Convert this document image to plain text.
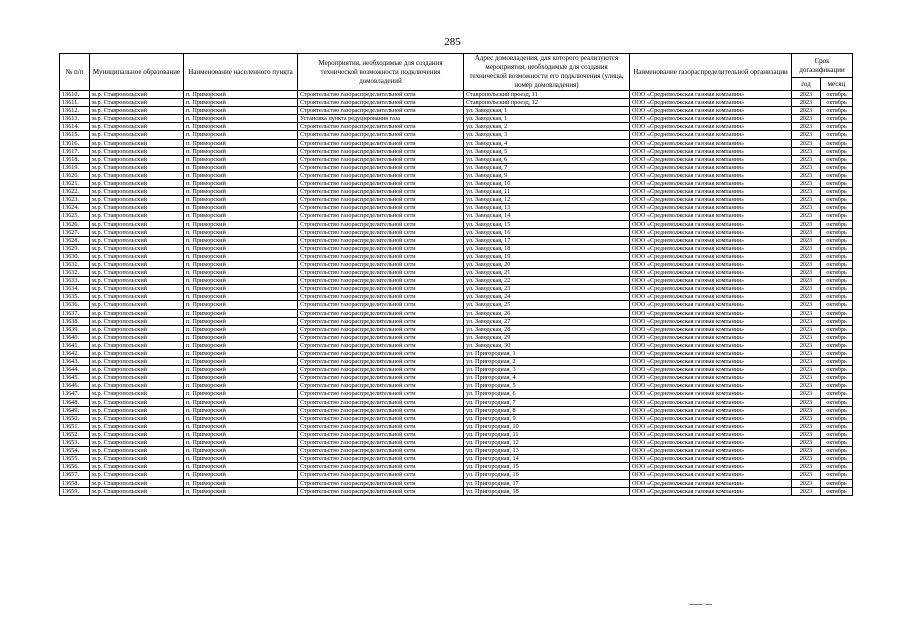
285
№ п/п	Муниципальное образование	Наименование населенного пункта	Мероприятия, необходимые для создания технической возможности подключения домовладений	Адрес домовладения, для которого реализуются мероприятия, необходимые для создания технической возможности его подключения (улица, номер домовладения)	Наименование газораспределительной организации	Срок догазификации	
						год	месяц
13610.	м.р. Ставропольский	п. Приморский	Строительство газораспределительной сети	Ставропольский проезд, 11	ООО «Средневолжская газовая компания»	2023	октябрь
13611.	м.р. Ставропольский	п. Приморский	Строительство газораспределительной сети	Ставропольский проезд, 12	ООО «Средневолжская газовая компания»	2023	октябрь
13612.	м.р. Ставропольский	п. Приморский	Строительство газораспределительной сети	ул. Заводская, 1	ООО «Средневолжская газовая компания»	2023	октябрь
13613.	м.р. Ставропольский	п. Приморский	Установка пункта редуцирования газа	ул. Заводская, 1	ООО «Средневолжская газовая компания»	2023	октябрь
13614.	м.р. Ставропольский	п. Приморский	Строительство газораспределительной сети	ул. Заводская, 2	ООО «Средневолжская газовая компания»	2023	октябрь
13615.	м.р. Ставропольский	п. Приморский	Строительство газораспределительной сети	ул. Заводская, 3	ООО «Средневолжская газовая компания»	2023	октябрь
13616.	м.р. Ставропольский	п. Приморский	Строительство газораспределительной сети	ул. Заводская, 4	ООО «Средневолжская газовая компания»	2023	октябрь
13617.	м.р. Ставропольский	п. Приморский	Строительство газораспределительной сети	ул. Заводская, 5	ООО «Средневолжская газовая компания»	2023	октябрь
13618.	м.р. Ставропольский	п. Приморский	Строительство газораспределительной сети	ул. Заводская, 6	ООО «Средневолжская газовая компания»	2023	октябрь
13619.	м.р. Ставропольский	п. Приморский	Строительство газораспределительной сети	ул. Заводская, 7	ООО «Средневолжская газовая компания»	2023	октябрь
13620.	м.р. Ставропольский	п. Приморский	Строительство газораспределительной сети	ул. Заводская, 9	ООО «Средневолжская газовая компания»	2023	октябрь
13621.	м.р. Ставропольский	п. Приморский	Строительство газораспределительной сети	ул. Заводская, 10	ООО «Средневолжская газовая компания»	2023	октябрь
13622.	м.р. Ставропольский	п. Приморский	Строительство газораспределительной сети	ул. Заводская, 11	ООО «Средневолжская газовая компания»	2023	октябрь
13623.	м.р. Ставропольский	п. Приморский	Строительство газораспределительной сети	ул. Заводская, 12	ООО «Средневолжская газовая компания»	2023	октябрь
13624.	м.р. Ставропольский	п. Приморский	Строительство газораспределительной сети	ул. Заводская, 13	ООО «Средневолжская газовая компания»	2023	октябрь
13625.	м.р. Ставропольский	п. Приморский	Строительство газораспределительной сети	ул. Заводская, 14	ООО «Средневолжская газовая компания»	2023	октябрь
13626.	м.р. Ставропольский	п. Приморский	Строительство газораспределительной сети	ул. Заводская, 15	ООО «Средневолжская газовая компания»	2023	октябрь
13627.	м.р. Ставропольский	п. Приморский	Строительство газораспределительной сети	ул. Заводская, 16	ООО «Средневолжская газовая компания»	2023	октябрь
13628.	м.р. Ставропольский	п. Приморский	Строительство газораспределительной сети	ул. Заводская, 17	ООО «Средневолжская газовая компания»	2023	октябрь
13629.	м.р. Ставропольский	п. Приморский	Строительство газораспределительной сети	ул. Заводская, 18	ООО «Средневолжская газовая компания»	2023	октябрь
13630.	м.р. Ставропольский	п. Приморский	Строительство газораспределительной сети	ул. Заводская, 19	ООО «Средневолжская газовая компания»	2023	октябрь
13631.	м.р. Ставропольский	п. Приморский	Строительство газораспределительной сети	ул. Заводская, 20	ООО «Средневолжская газовая компания»	2023	октябрь
13632.	м.р. Ставропольский	п. Приморский	Строительство газораспределительной сети	ул. Заводская, 21	ООО «Средневолжская газовая компания»	2023	октябрь
13633.	м.р. Ставропольский	п. Приморский	Строительство газораспределительной сети	ул. Заводская, 22	ООО «Средневолжская газовая компания»	2023	октябрь
13634.	м.р. Ставропольский	п. Приморский	Строительство газораспределительной сети	ул. Заводская, 23	ООО «Средневолжская газовая компания»	2023	октябрь
13635.	м.р. Ставропольский	п. Приморский	Строительство газораспределительной сети	ул. Заводская, 24	ООО «Средневолжская газовая компания»	2023	октябрь
13636.	м.р. Ставропольский	п. Приморский	Строительство газораспределительной сети	ул. Заводская, 25	ООО «Средневолжская газовая компания»	2023	октябрь
13637.	м.р. Ставропольский	п. Приморский	Строительство газораспределительной сети	ул. Заводская, 26	ООО «Средневолжская газовая компания»	2023	октябрь
13638.	м.р. Ставропольский	п. Приморский	Строительство газораспределительной сети	ул. Заводская, 27	ООО «Средневолжская газовая компания»	2023	октябрь
13639.	м.р. Ставропольский	п. Приморский	Строительство газораспределительной сети	ул. Заводская, 28	ООО «Средневолжская газовая компания»	2023	октябрь
13640.	м.р. Ставропольский	п. Приморский	Строительство газораспределительной сети	ул. Заводская, 29	ООО «Средневолжская газовая компания»	2023	октябрь
13641.	м.р. Ставропольский	п. Приморский	Строительство газораспределительной сети	ул. Заводская, 30	ООО «Средневолжская газовая компания»	2023	октябрь
13642.	м.р. Ставропольский	п. Приморский	Строительство газораспределительной сети	ул. Пригородная, 1	ООО «Средневолжская газовая компания»	2023	октябрь
13643.	м.р. Ставропольский	п. Приморский	Строительство газораспределительной сети	ул. Пригородная, 2	ООО «Средневолжская газовая компания»	2023	октябрь
13644.	м.р. Ставропольский	п. Приморский	Строительство газораспределительной сети	ул. Пригородная, 3	ООО «Средневолжская газовая компания»	2023	октябрь
13645.	м.р. Ставропольский	п. Приморский	Строительство газораспределительной сети	ул. Пригородная, 4	ООО «Средневолжская газовая компания»	2023	октябрь
13646.	м.р. Ставропольский	п. Приморский	Строительство газораспределительной сети	ул. Пригородная, 5	ООО «Средневолжская газовая компания»	2023	октябрь
13647.	м.р. Ставропольский	п. Приморский	Строительство газораспределительной сети	ул. Пригородная, 6	ООО «Средневолжская газовая компания»	2023	октябрь
13648.	м.р. Ставропольский	п. Приморский	Строительство газораспределительной сети	ул. Пригородная, 7	ООО «Средневолжская газовая компания»	2023	октябрь
13649.	м.р. Ставропольский	п. Приморский	Строительство газораспределительной сети	ул. Пригородная, 8	ООО «Средневолжская газовая компания»	2023	октябрь
13650.	м.р. Ставропольский	п. Приморский	Строительство газораспределительной сети	ул. Пригородная, 9	ООО «Средневолжская газовая компания»	2023	октябрь
13651.	м.р. Ставропольский	п. Приморский	Строительство газораспределительной сети	ул. Пригородная, 10	ООО «Средневолжская газовая компания»	2023	октябрь
13652.	м.р. Ставропольский	п. Приморский	Строительство газораспределительной сети	ул. Пригородная, 11	ООО «Средневолжская газовая компания»	2023	октябрь
13653.	м.р. Ставропольский	п. Приморский	Строительство газораспределительной сети	ул. Пригородная, 12	ООО «Средневолжская газовая компания»	2023	октябрь
13654.	м.р. Ставропольский	п. Приморский	Строительство газораспределительной сети	ул. Пригородная, 13	ООО «Средневолжская газовая компания»	2023	октябрь
13655.	м.р. Ставропольский	п. Приморский	Строительство газораспределительной сети	ул. Пригородная, 14	ООО «Средневолжская газовая компания»	2023	октябрь
13656.	м.р. Ставропольский	п. Приморский	Строительство газораспределительной сети	ул. Пригородная, 15	ООО «Средневолжская газовая компания»	2023	октябрь
13657.	м.р. Ставропольский	п. Приморский	Строительство газораспределительной сети	ул. Пригородная, 16	ООО «Средневолжская газовая компания»	2023	октябрь
13658.	м.р. Ставропольский	п. Приморский	Строительство газораспределительной сети	ул. Пригородная, 17	ООО «Средневолжская газовая компания»	2023	октябрь
13659.	м.р. Ставропольский	п. Приморский	Строительство газораспределительной сети	ул. Пригородная, 18	ООО «Средневолжская газовая компания»	2023	октябрь
